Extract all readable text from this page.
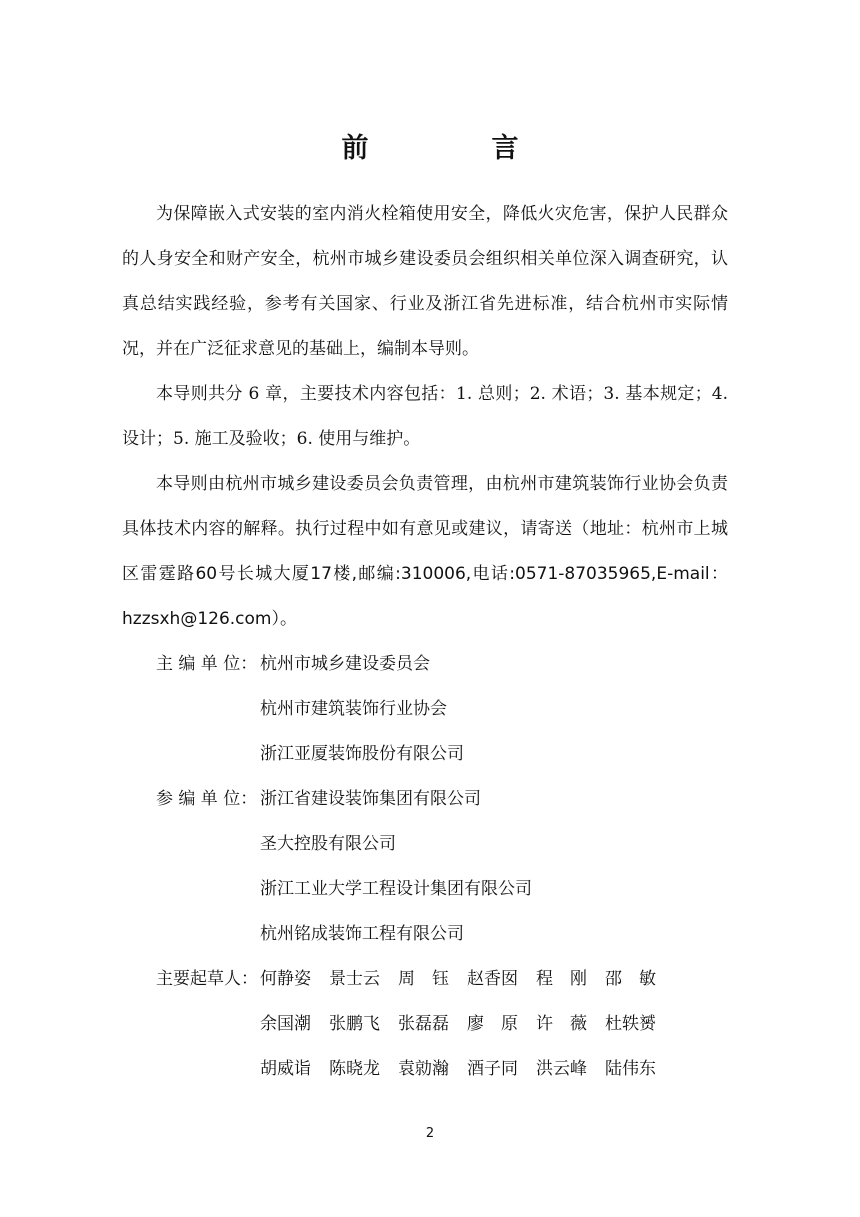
前　言

为保障嵌入式安装的室内消火栓箱使用安全，降低火灾危害，保护人民群众的人身安全和财产安全，杭州市城乡建设委员会组织相关单位深入调查研究，认真总结实践经验，参考有关国家、行业及浙江省先进标准，结合杭州市实际情况，并在广泛征求意见的基础上，编制本导则。

本导则共分 6 章，主要技术内容包括：1. 总则；2. 术语；3. 基本规定；4. 设计；5. 施工及验收；6. 使用与维护。

本导则由杭州市城乡建设委员会负责管理，由杭州市建筑装饰行业协会负责具体技术内容的解释。执行过程中如有意见或建议，请寄送（地址：杭州市上城区雷霆路60号长城大厦17楼,邮编:310006,电话:0571-87035965,E-mail：hzzsxh@126.com）。

主 编 单 位： 杭州市城乡建设委员会
杭州市建筑装饰行业协会
浙江亚厦装饰股份有限公司
参 编 单 位： 浙江省建设装饰集团有限公司
圣大控股有限公司
浙江工业大学工程设计集团有限公司
杭州铭成装饰工程有限公司
主要起草人： 何静姿	景士云	周　钰	赵香囡	程　刚	邵　敏
余国潮	张鹏飞	张磊磊	廖　原	许　薇	杜轶赟
胡威诣	陈晓龙	袁勍瀚	酒子同	洪云峰	陆伟东
2
